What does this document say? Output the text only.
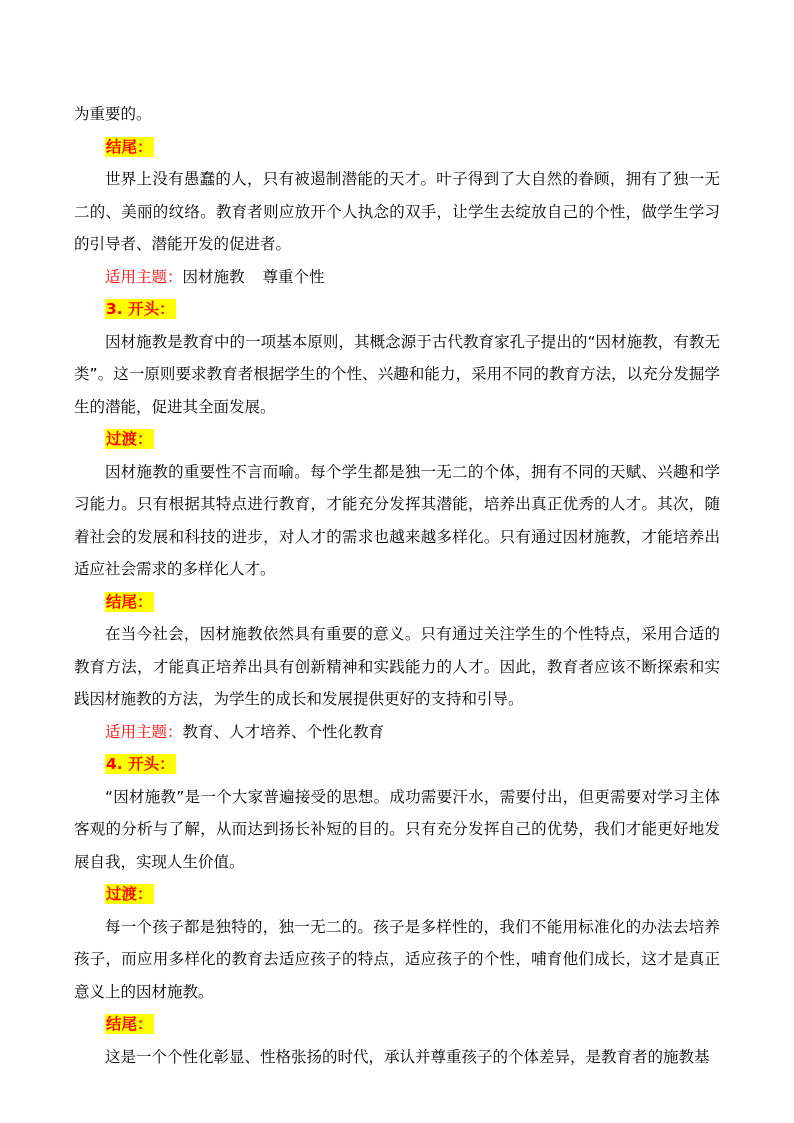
为重要的。
结尾：

世界上没有愚蠢的人，只有被遏制潜能的天才。叶子得到了大自然的眷顾，拥有了独一无二的、美丽的纹络。教育者则应放开个人执念的双手，让学生去绽放自己的个性，做学生学习的引导者、潜能开发的促进者。

适用主题：因材施教 尊重个性
3. 开头：

因材施教是教育中的一项基本原则，其概念源于古代教育家孔子提出的“因材施教，有教无类”。这一原则要求教育者根据学生的个性、兴趣和能力，采用不同的教育方法，以充分发掘学生的潜能，促进其全面发展。

过渡：

因材施教的重要性不言而喻。每个学生都是独一无二的个体，拥有不同的天赋、兴趣和学习能力。只有根据其特点进行教育，才能充分发挥其潜能，培养出真正优秀的人才。其次，随着社会的发展和科技的进步，对人才的需求也越来越多样化。只有通过因材施教，才能培养出适应社会需求的多样化人才。

结尾：

在当今社会，因材施教依然具有重要的意义。只有通过关注学生的个性特点，采用合适的教育方法，才能真正培养出具有创新精神和实践能力的人才。因此，教育者应该不断探索和实践因材施教的方法，为学生的成长和发展提供更好的支持和引导。

适用主题：教育、人才培养、个性化教育
4. 开头：

“因材施教”是一个大家普遍接受的思想。成功需要汗水，需要付出，但更需要对学习主体客观的分析与了解，从而达到扬长补短的目的。只有充分发挥自己的优势，我们才能更好地发展自我，实现人生价值。

过渡：

每一个孩子都是独特的，独一无二的。孩子是多样性的，我们不能用标准化的办法去培养孩子，而应用多样化的教育去适应孩子的特点，适应孩子的个性，哺育他们成长，这才是真正意义上的因材施教。

结尾：
这是一个个性化彰显、性格张扬的时代，承认并尊重孩子的个体差异，是教育者的施教基
